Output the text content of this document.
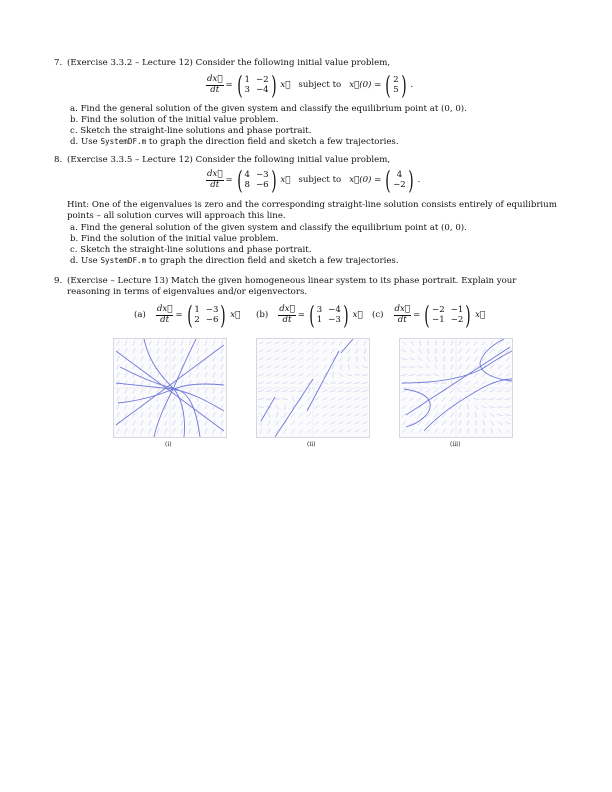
7. (Exercise 3.3.2 – Lecture 12) Consider the following initial value problem,
$\frac{dx⃗}{dt}$ = ( 1 −2
3 −4 ) x⃗ subject to x⃗(0) = ( 2
5 ) .
a. Find the general solution of the given system and classify the equilibrium point at (0, 0).
b. Find the solution of the initial value problem.
c. Sketch the straight-line solutions and phase portrait.
d. Use SystemDF.m to graph the direction field and sketch a few trajectories.
8. (Exercise 3.3.5 – Lecture 12) Consider the following initial value problem,
$\frac{dx⃗}{dt}$ = ( 4 −3
8 −6 ) x⃗ subject to x⃗(0) = ( 4
−2 ) .
Hint: One of the eigenvalues is zero and the corresponding straight-line solution consists entirely of equilibrium points – all solution curves will approach this line.
a. Find the general solution of the given system and classify the equilibrium point at (0, 0).
b. Find the solution of the initial value problem.
c. Sketch the straight-line solutions and phase portrait.
d. Use SystemDF.m to graph the direction field and sketch a few trajectories.
9. (Exercise – Lecture 13) Match the given homogeneous linear system to its phase portrait. Explain your reasoning in terms of eigenvalues and/or eigenvectors.
$(a) \frac{dx⃗}{dt}$ = ( 1 −3
2 −6 ) x⃗ $(b) \frac{dx⃗}{dt}$ = ( 3 −4
1 −3 ) x⃗ $(c) \frac{dx⃗}{dt}$ = ( −2 −1
−1 −2 ) x⃗
(i)	(ii)	(iii)
